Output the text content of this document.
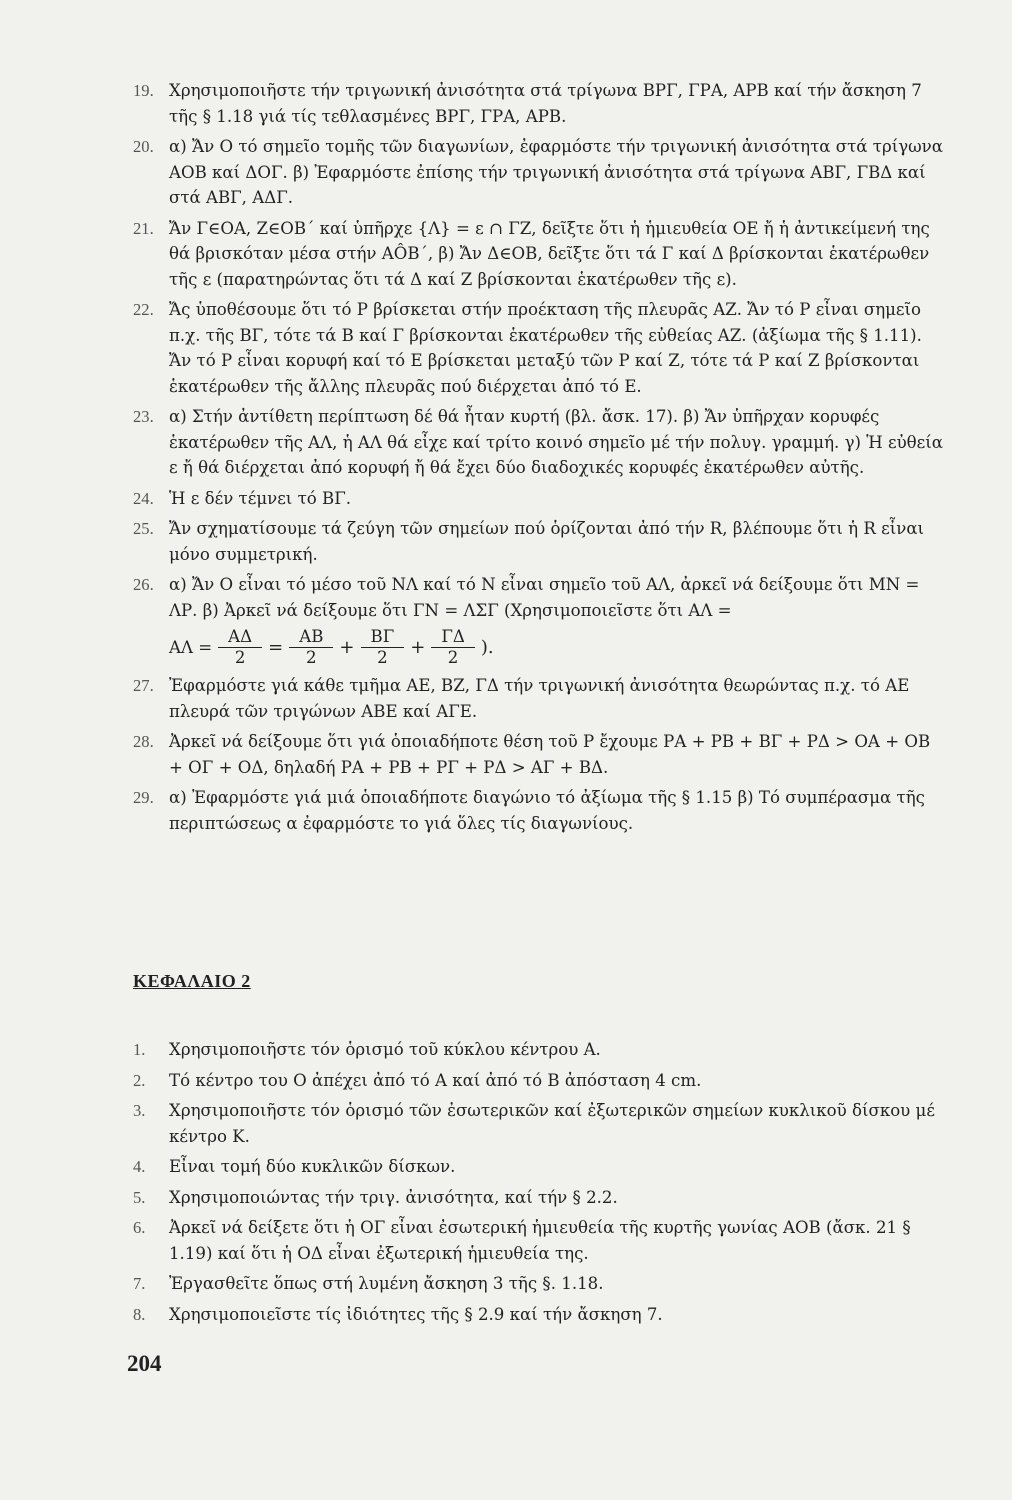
19. Χρησιμοποιῆστε τήν τριγωνική ἀνισότητα στά τρίγωνα ΒΡΓ, ΓΡΑ, ΑΡΒ καί τήν ἄσκηση 7 τῆς § 1.18 γιά τίς τεθλασμένες ΒΡΓ, ΓΡΑ, ΑΡΒ.
20. α) Ἄν Ο τό σημεῖο τομῆς τῶν διαγωνίων, ἐφαρμόστε τήν τριγωνική ἀνισότητα στά τρίγωνα ΑΟΒ καί ΔΟΓ. β) Ἐφαρμόστε ἐπίσης τήν τριγωνική ἀνισότητα στά τρίγωνα ΑΒΓ, ΓΒΔ καί στά ΑΒΓ, ΑΔΓ.
21. Ἄν Γ∈ΟΑ, Ζ∈ΟΒ΄ καί ὑπῆρχε {Λ} = ε ∩ ΓΖ, δεῖξτε ὅτι ἡ ἡμιευθεία ΟΕ ἤ ἡ ἀντικείμενή της θά βρισκόταν μέσα στήν ΑÔΒ΄, β) Ἄν Δ∈ΟΒ, δεῖξτε ὅτι τά Γ καί Δ βρίσκονται ἑκατέρωθεν τῆς ε (παρατηρώντας ὅτι τά Δ καί Ζ βρίσκονται ἑκατέρωθεν τῆς ε).
22. Ἄς ὑποθέσουμε ὅτι τό Ρ βρίσκεται στήν προέκταση τῆς πλευρᾶς ΑΖ. Ἄν τό Ρ εἶναι σημεῖο π.χ. τῆς ΒΓ, τότε τά Β καί Γ βρίσκονται ἑκατέρωθεν τῆς εὐθείας ΑΖ. (ἀξίωμα τῆς § 1.11). Ἄν τό Ρ εἶναι κορυφή καί τό Ε βρίσκεται μεταξύ τῶν Ρ καί Ζ, τότε τά Ρ καί Ζ βρίσκονται ἑκατέρωθεν τῆς ἄλλης πλευρᾶς πού διέρχεται ἀπό τό Ε.
23. α) Στήν ἀντίθετη περίπτωση δέ θά ἦταν κυρτή (βλ. ἄσκ. 17). β) Ἄν ὑπῆρχαν κορυφές ἑκατέρωθεν τῆς ΑΛ, ἡ ΑΛ θά εἶχε καί τρίτο κοινό σημεῖο μέ τήν πολυγ. γραμμή. γ) Ἡ εὐθεία ε ἤ θά διέρχεται ἀπό κορυφή ἤ θά ἔχει δύο διαδοχικές κορυφές ἑκατέρωθεν αὐτῆς.
24. Ἡ ε δέν τέμνει τό ΒΓ.
25. Ἄν σχηματίσουμε τά ζεύγη τῶν σημείων πού ὁρίζονται ἀπό τήν R, βλέπουμε ὅτι ἡ R εἶναι μόνο συμμετρική.
26. α) Ἄν Ο εἶναι τό μέσο τοῦ ΝΛ καί τό Ν εἶναι σημεῖο τοῦ ΑΛ, ἀρκεῖ νά δείξουμε ὅτι ΜΝ = ΛΡ. β) Ἀρκεῖ νά δείξουμε ὅτι ΓΝ = ΛΣΓ (Χρησιμοποιεῖστε ὅτι ΑΛ =
$A\Lambda = \frac{A\Delta}{2} = \frac{AB}{2} + \frac{B\Gamma}{2} + \frac{\Gamma\Delta}{2}$ ).
27. Ἐφαρμόστε γιά κάθε τμῆμα ΑΕ, ΒΖ, ΓΔ τήν τριγωνική ἀνισότητα θεωρώντας π.χ. τό ΑΕ πλευρά τῶν τριγώνων ΑΒΕ καί ΑΓΕ.
28. Ἀρκεῖ νά δείξουμε ὅτι γιά ὁποιαδήποτε θέση τοῦ Ρ ἔχουμε ΡΑ + ΡΒ + ΒΓ + ΡΔ > ΟΑ + ΟΒ + ΟΓ + ΟΔ, δηλαδή ΡΑ + ΡΒ + ΡΓ + ΡΔ > ΑΓ + ΒΔ.
29. α) Ἐφαρμόστε γιά μιά ὁποιαδήποτε διαγώνιο τό ἀξίωμα τῆς § 1.15 β) Τό συμπέρασμα τῆς περιπτώσεως α ἐφαρμόστε το γιά ὅλες τίς διαγωνίους.
ΚΕΦΑΛΑΙΟ 2
1. Χρησιμοποιῆστε τόν ὁρισμό τοῦ κύκλου κέντρου Α.
2. Τό κέντρο του Ο ἀπέχει ἀπό τό Α καί ἀπό τό Β ἀπόσταση 4 cm.
3. Χρησιμοποιῆστε τόν ὁρισμό τῶν ἐσωτερικῶν καί ἐξωτερικῶν σημείων κυκλικοῦ δίσκου μέ κέντρο Κ.
4. Εἶναι τομή δύο κυκλικῶν δίσκων.
5. Χρησιμοποιώντας τήν τριγ. ἀνισότητα, καί τήν § 2.2.
6. Ἀρκεῖ νά δείξετε ὅτι ἡ ΟΓ εἶναι ἐσωτερική ἡμιευθεία τῆς κυρτῆς γωνίας ΑΟΒ (ἄσκ. 21 § 1.19) καί ὅτι ἡ ΟΔ εἶναι ἐξωτερική ἡμιευθεία της.
7. Ἐργασθεῖτε ὅπως στή λυμένη ἄσκηση 3 τῆς §. 1.18.
8. Χρησιμοποιεῖστε τίς ἰδιότητες τῆς § 2.9 καί τήν ἄσκηση 7.
204
